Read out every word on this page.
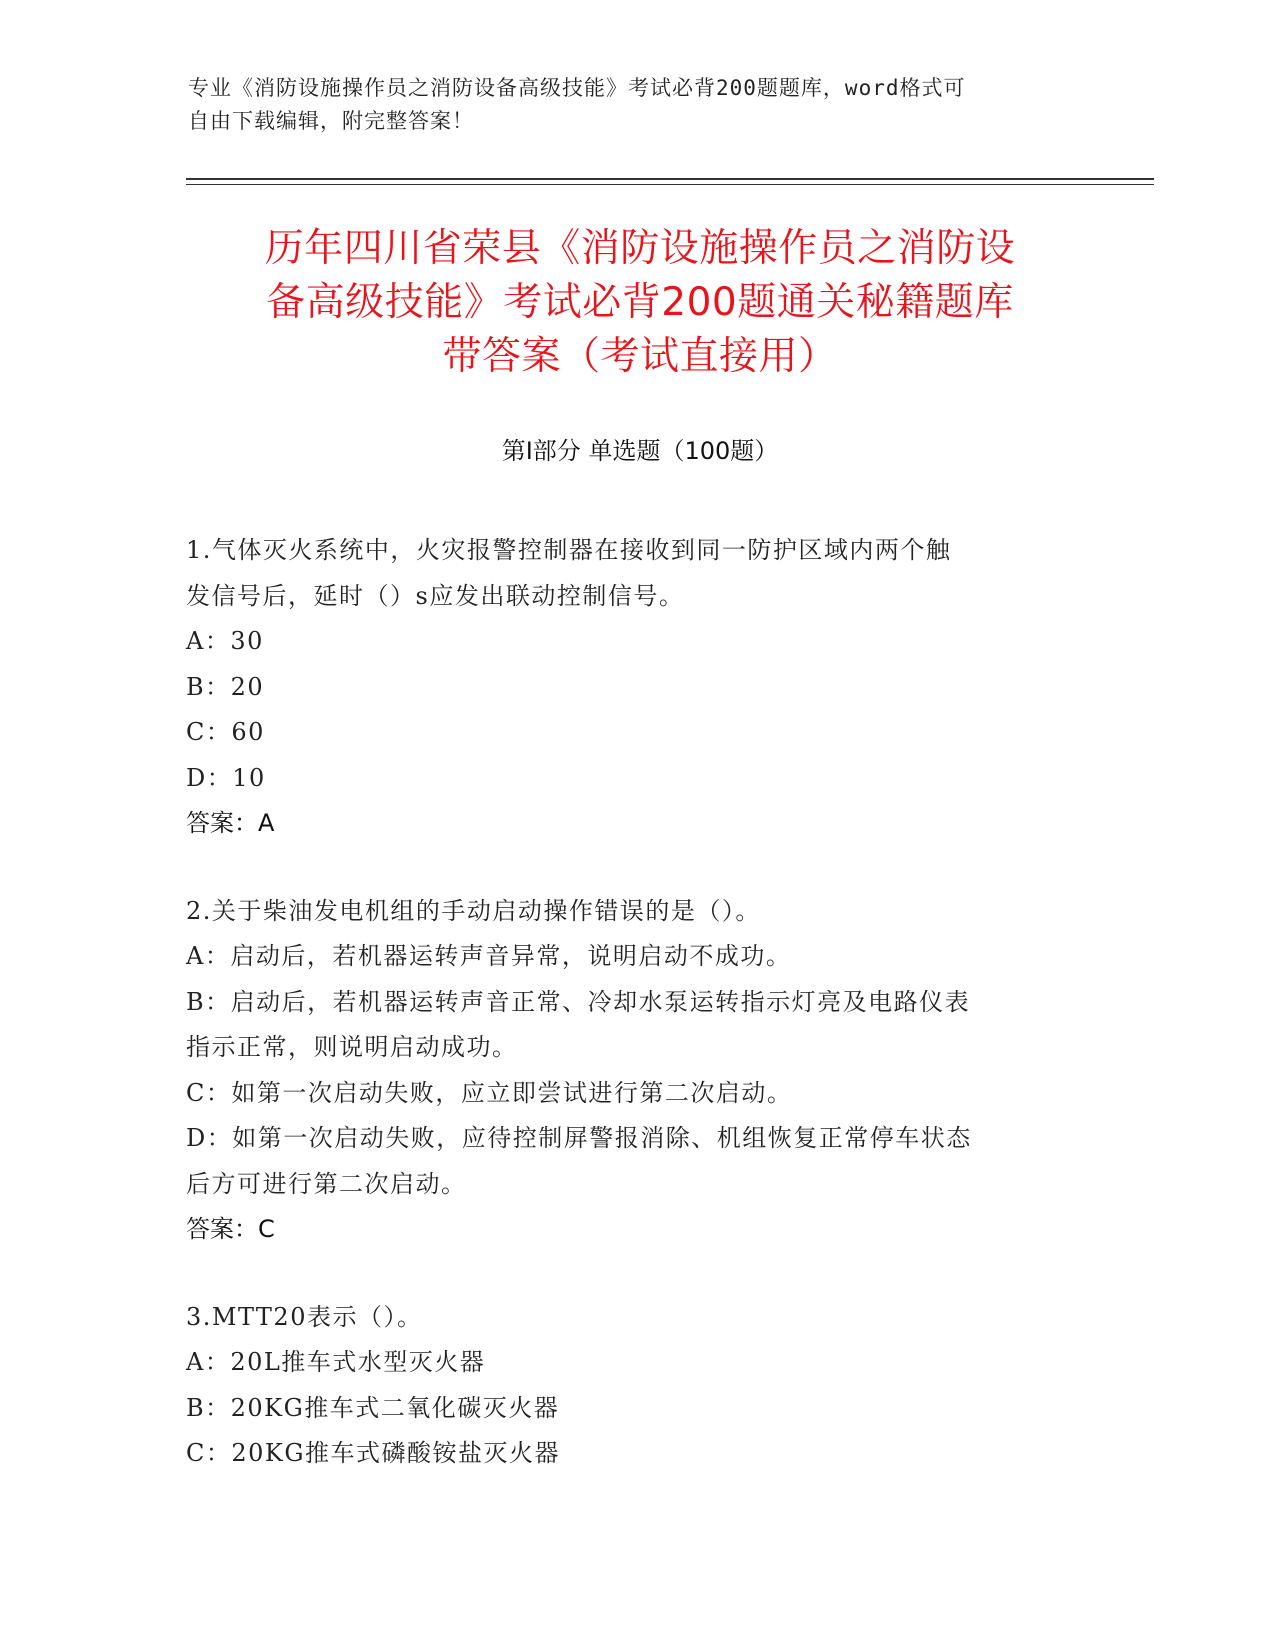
专业《消防设施操作员之消防设备高级技能》考试必背200题题库，word格式可
自由下载编辑，附完整答案！
历年四川省荣县《消防设施操作员之消防设
备高级技能》考试必背200题通关秘籍题库
带答案（考试直接用）
第Ⅰ部分 单选题（100题）
1.气体灭火系统中，火灾报警控制器在接收到同一防护区域内两个触
发信号后，延时（）s应发出联动控制信号。
A：30
B：20
C：60
D：10
答案：A
2.关于柴油发电机组的手动启动操作错误的是（）。
A：启动后，若机器运转声音异常，说明启动不成功。
B：启动后，若机器运转声音正常、冷却水泵运转指示灯亮及电路仪表
指示正常，则说明启动成功。
C：如第一次启动失败，应立即尝试进行第二次启动。
D：如第一次启动失败，应待控制屏警报消除、机组恢复正常停车状态
后方可进行第二次启动。
答案：C
3.MTT20表示（）。
A：20L推车式水型灭火器
B：20KG推车式二氧化碳灭火器
C：20KG推车式磷酸铵盐灭火器
